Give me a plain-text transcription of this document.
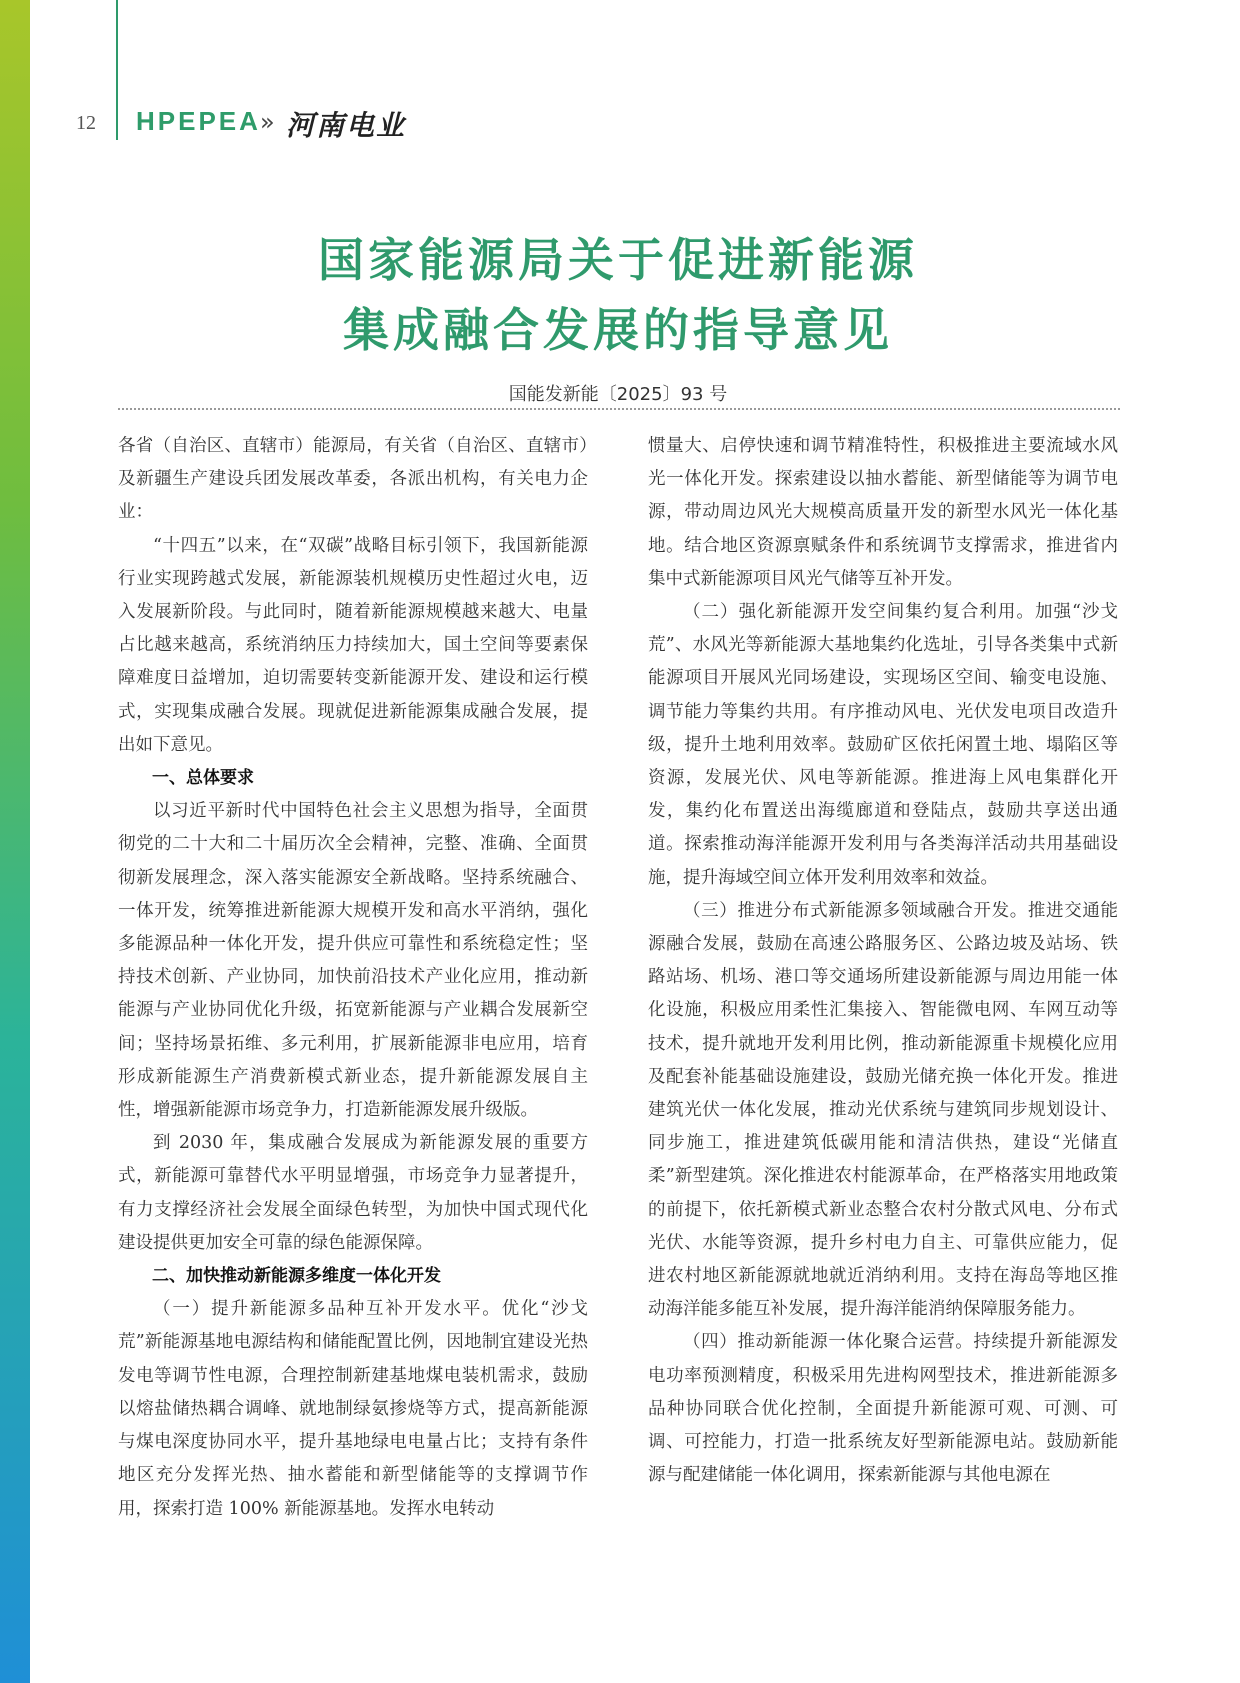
12 HPEPEA » 河南电业
国家能源局关于促进新能源
集成融合发展的指导意见
国能发新能〔2025〕93 号

各省（自治区、直辖市）能源局，有关省（自治区、直辖市）及新疆生产建设兵团发展改革委，各派出机构，有关电力企业：

“十四五”以来，在“双碳”战略目标引领下，我国新能源行业实现跨越式发展，新能源装机规模历史性超过火电，迈入发展新阶段。与此同时，随着新能源规模越来越大、电量占比越来越高，系统消纳压力持续加大，国土空间等要素保障难度日益增加，迫切需要转变新能源开发、建设和运行模式，实现集成融合发展。现就促进新能源集成融合发展，提出如下意见。

一、总体要求

以习近平新时代中国特色社会主义思想为指导，全面贯彻党的二十大和二十届历次全会精神，完整、准确、全面贯彻新发展理念，深入落实能源安全新战略。坚持系统融合、一体开发，统筹推进新能源大规模开发和高水平消纳，强化多能源品种一体化开发，提升供应可靠性和系统稳定性；坚持技术创新、产业协同，加快前沿技术产业化应用，推动新能源与产业协同优化升级，拓宽新能源与产业耦合发展新空间；坚持场景拓维、多元利用，扩展新能源非电应用，培育形成新能源生产消费新模式新业态，提升新能源发展自主性，增强新能源市场竞争力，打造新能源发展升级版。

到 2030 年，集成融合发展成为新能源发展的重要方式，新能源可靠替代水平明显增强，市场竞争力显著提升，有力支撑经济社会发展全面绿色转型，为加快中国式现代化建设提供更加安全可靠的绿色能源保障。

二、加快推动新能源多维度一体化开发

（一）提升新能源多品种互补开发水平。优化“沙戈荒”新能源基地电源结构和储能配置比例，因地制宜建设光热发电等调节性电源，合理控制新建基地煤电装机需求，鼓励以熔盐储热耦合调峰、就地制绿氨掺烧等方式，提高新能源与煤电深度协同水平，提升基地绿电电量占比；支持有条件地区充分发挥光热、抽水蓄能和新型储能等的支撑调节作用，探索打造 100% 新能源基地。发挥水电转动

惯量大、启停快速和调节精准特性，积极推进主要流域水风光一体化开发。探索建设以抽水蓄能、新型储能等为调节电源，带动周边风光大规模高质量开发的新型水风光一体化基地。结合地区资源禀赋条件和系统调节支撑需求，推进省内集中式新能源项目风光气储等互补开发。

（二）强化新能源开发空间集约复合利用。加强“沙戈荒”、水风光等新能源大基地集约化选址，引导各类集中式新能源项目开展风光同场建设，实现场区空间、输变电设施、调节能力等集约共用。有序推动风电、光伏发电项目改造升级，提升土地利用效率。鼓励矿区依托闲置土地、塌陷区等资源，发展光伏、风电等新能源。推进海上风电集群化开发，集约化布置送出海缆廊道和登陆点，鼓励共享送出通道。探索推动海洋能源开发利用与各类海洋活动共用基础设施，提升海域空间立体开发利用效率和效益。

（三）推进分布式新能源多领域融合开发。推进交通能源融合发展，鼓励在高速公路服务区、公路边坡及站场、铁路站场、机场、港口等交通场所建设新能源与周边用能一体化设施，积极应用柔性汇集接入、智能微电网、车网互动等技术，提升就地开发利用比例，推动新能源重卡规模化应用及配套补能基础设施建设，鼓励光储充换一体化开发。推进建筑光伏一体化发展，推动光伏系统与建筑同步规划设计、同步施工，推进建筑低碳用能和清洁供热，建设“光储直柔”新型建筑。深化推进农村能源革命，在严格落实用地政策的前提下，依托新模式新业态整合农村分散式风电、分布式光伏、水能等资源，提升乡村电力自主、可靠供应能力，促进农村地区新能源就地就近消纳利用。支持在海岛等地区推动海洋能多能互补发展，提升海洋能消纳保障服务能力。

（四）推动新能源一体化聚合运营。持续提升新能源发电功率预测精度，积极采用先进构网型技术，推进新能源多品种协同联合优化控制，全面提升新能源可观、可测、可调、可控能力，打造一批系统友好型新能源电站。鼓励新能源与配建储能一体化调用，探索新能源与其他电源在
